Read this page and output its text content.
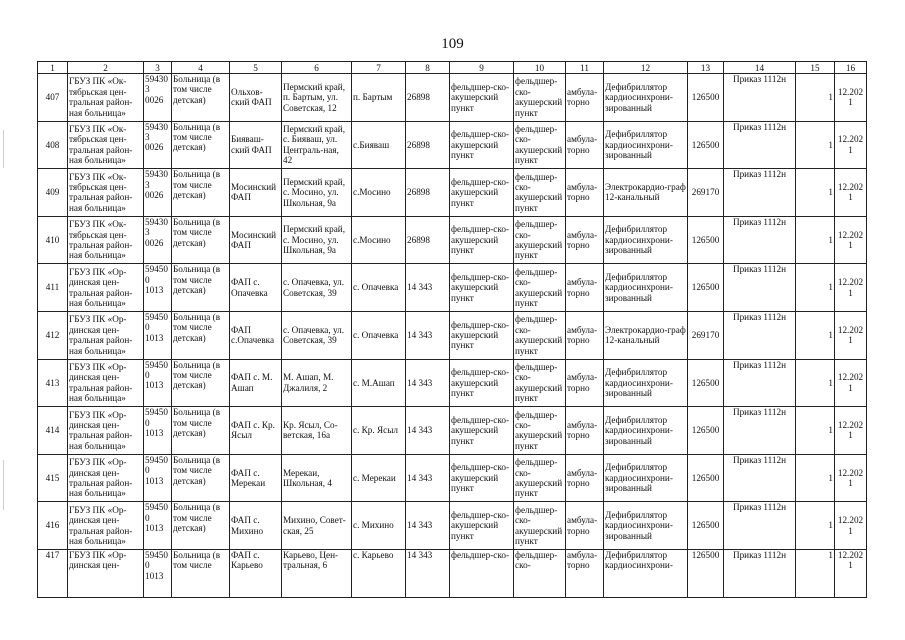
109
1	2	3	4	5	6	7	8	9	10	11	12	13	14	15	16
407	ГБУЗ ПК «Ок-тябрьская цен-тральная район-ная больница»	594303 0026	Больница (в том числе детская)	Ольхов-ский ФАП	Пермский край, п. Бартым, ул. Советская, 12	п. Бартым	26898	фельдшер-ско-акушерский пункт	фельдшер-ско-акушерский пункт	амбула-торно	Дефибриллятор кардиосинхрони-зированный	126500	Приказ 1112н	1	12.2021
408	ГБУЗ ПК «Ок-тябрьская цен-тральная район-ная больница»	594303 0026	Больница (в том числе детская)	Бияваш-ский ФАП	Пермский край, с. Бияваш, ул. Централь-ная, 42	с.Бияваш	26898	фельдшер-ско-акушерский пункт	фельдшер-ско-акушерский пункт	амбула-торно	Дефибриллятор кардиосинхрони-зированный	126500	Приказ 1112н	1	12.2021
409	ГБУЗ ПК «Ок-тябрьская цен-тральная район-ная больница»	594303 0026	Больница (в том числе детская)	Мосинский ФАП	Пермский край, с. Мосино, ул. Школьная, 9а	с.Мосино	26898	фельдшер-ско-акушерский пункт	фельдшер-ско-акушерский пункт	амбула-торно	Электрокардио-граф 12-канальный	269170	Приказ 1112н	1	12.2021
410	ГБУЗ ПК «Ок-тябрьская цен-тральная район-ная больница»	594303 0026	Больница (в том числе детская)	Мосинский ФАП	Пермский край, с. Мосино, ул. Школьная, 9а	с.Мосино	26898	фельдшер-ско-акушерский пункт	фельдшер-ско-акушерский пункт	амбула-торно	Дефибриллятор кардиосинхрони-зированный	126500	Приказ 1112н	1	12.2021
411	ГБУЗ ПК «Ор-динская цен-тральная район-ная больница»	594500 1013	Больница (в том числе детская)	ФАП с. Опачевка	с. Опачевка, ул. Советская, 39	с. Опачевка	14 343	фельдшер-ско-акушерский пункт	фельдшер-ско-акушерский пункт	амбула-торно	Дефибриллятор кардиосинхрони-зированный	126500	Приказ 1112н	1	12.2021
412	ГБУЗ ПК «Ор-динская цен-тральная район-ная больница»	594500 1013	Больница (в том числе детская)	ФАП с.Опачевка	с. Опачевка, ул. Советская, 39	с. Опачевка	14 343	фельдшер-ско-акушерский пункт	фельдшер-ско-акушерский пункт	амбула-торно	Электрокардио-граф 12-канальный	269170	Приказ 1112н	1	12.2021
413	ГБУЗ ПК «Ор-динская цен-тральная район-ная больница»	594500 1013	Больница (в том числе детская)	ФАП с. М. Ашап	М. Ашап, М. Джалиля, 2	с. М.Ашап	14 343	фельдшер-ско-акушерский пункт	фельдшер-ско-акушерский пункт	амбула-торно	Дефибриллятор кардиосинхрони-зированный	126500	Приказ 1112н	1	12.2021
414	ГБУЗ ПК «Ор-динская цен-тральная район-ная больница»	594500 1013	Больница (в том числе детская)	ФАП с. Кр. Ясыл	Кр. Ясыл, Со-ветская, 16а	с. Кр. Ясыл	14 343	фельдшер-ско-акушерский пункт	фельдшер-ско-акушерский пункт	амбула-торно	Дефибриллятор кардиосинхрони-зированный	126500	Приказ 1112н	1	12.2021
415	ГБУЗ ПК «Ор-динская цен-тральная район-ная больница»	594500 1013	Больница (в том числе детская)	ФАП с. Мерекаи	Мерекаи, Школьная, 4	с. Мерекаи	14 343	фельдшер-ско-акушерский пункт	фельдшер-ско-акушерский пункт	амбула-торно	Дефибриллятор кардиосинхрони-зированный	126500	Приказ 1112н	1	12.2021
416	ГБУЗ ПК «Ор-динская цен-тральная район-ная больница»	594500 1013	Больница (в том числе детская)	ФАП с. Михино	Михино, Совет-ская, 25	с. Михино	14 343	фельдшер-ско-акушерский пункт	фельдшер-ско-акушерский пункт	амбула-торно	Дефибриллятор кардиосинхрони-зированный	126500	Приказ 1112н	1	12.2021
417	ГБУЗ ПК «Ор-динская цен-	594500 1013	Больница (в том числе	ФАП с. Карьево	Карьево, Цен-тральная, 6	с. Карьево	14 343	фельдшер-ско-	фельдшер-ско-	амбула-торно	Дефибриллятор кардиосинхрони-	126500	Приказ 1112н	1	12.2021
